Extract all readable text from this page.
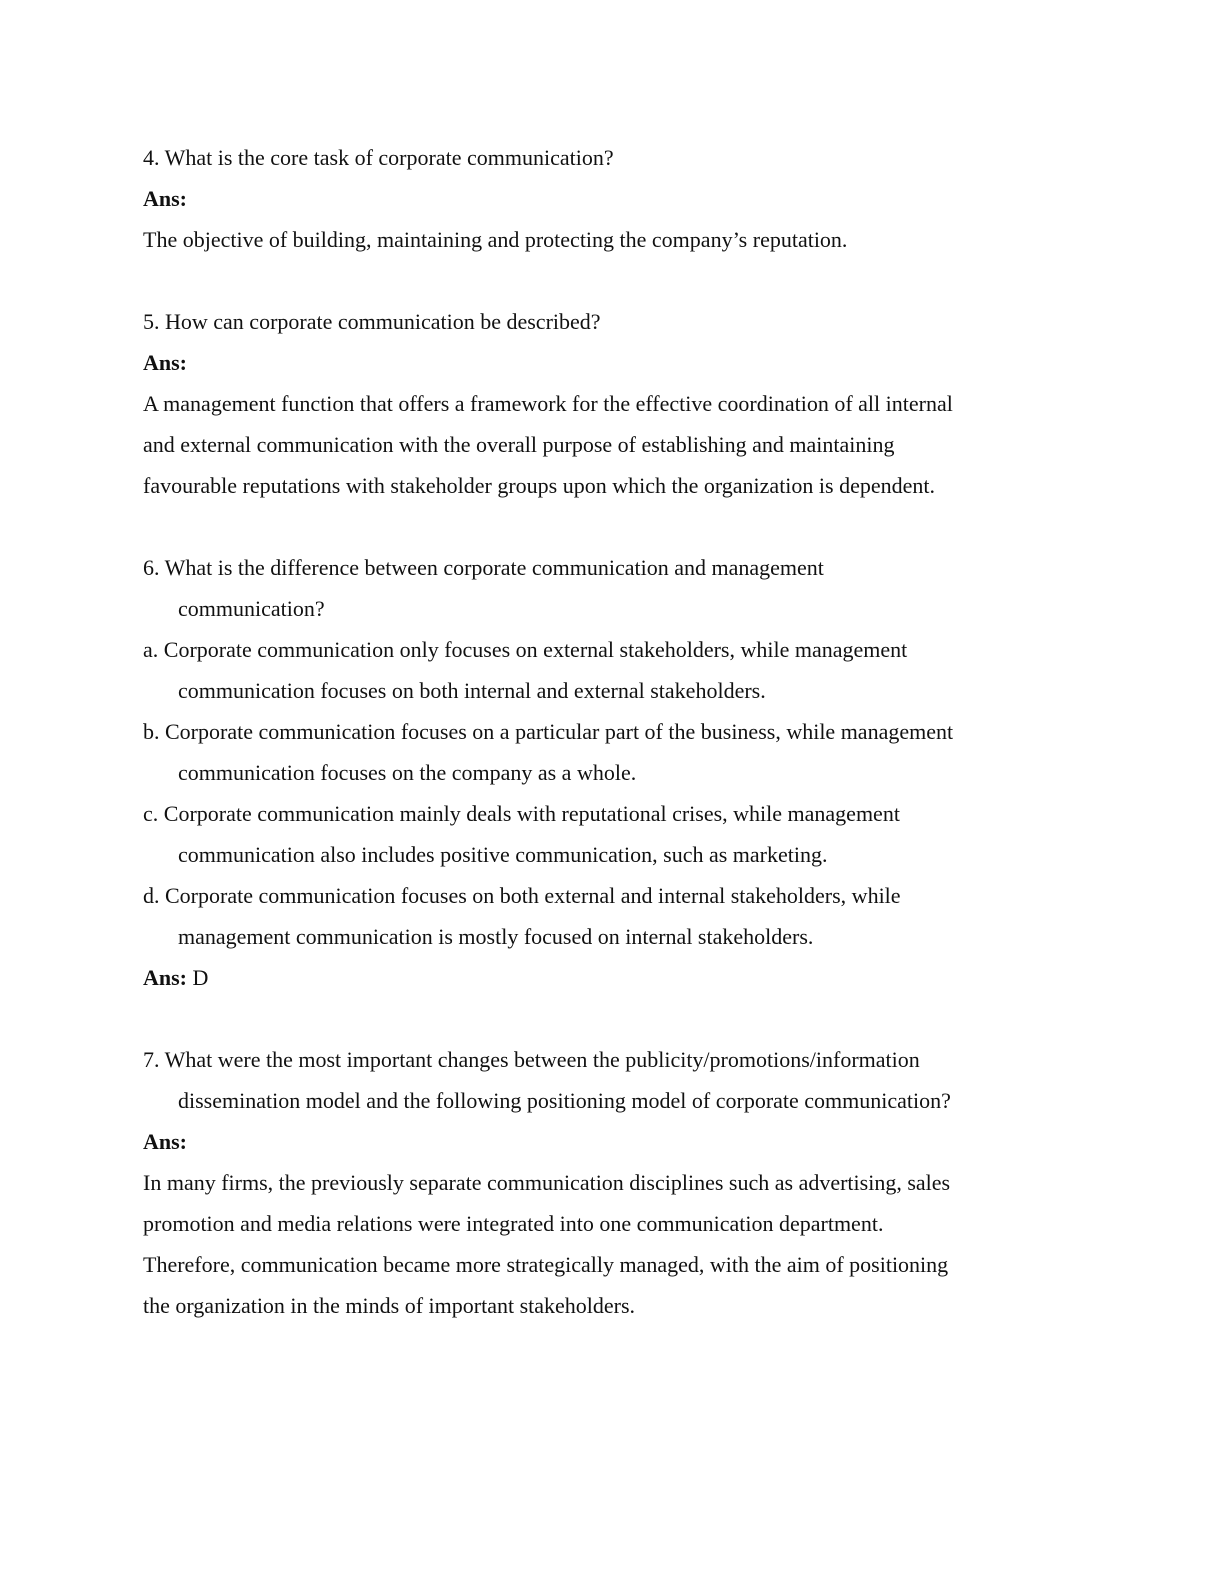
4. What is the core task of corporate communication?
Ans:
The objective of building, maintaining and protecting the company’s reputation.
5. How can corporate communication be described?
Ans:
A management function that offers a framework for the effective coordination of all internal
and external communication with the overall purpose of establishing and maintaining
favourable reputations with stakeholder groups upon which the organization is dependent.
6. What is the difference between corporate communication and management
communication?
a. Corporate communication only focuses on external stakeholders, while management
communication focuses on both internal and external stakeholders.
b. Corporate communication focuses on a particular part of the business, while management
communication focuses on the company as a whole.
c. Corporate communication mainly deals with reputational crises, while management
communication also includes positive communication, such as marketing.
d. Corporate communication focuses on both external and internal stakeholders, while
management communication is mostly focused on internal stakeholders.
Ans: D
7. What were the most important changes between the publicity/promotions/information
dissemination model and the following positioning model of corporate communication?
Ans:
In many firms, the previously separate communication disciplines such as advertising, sales
promotion and media relations were integrated into one communication department.
Therefore, communication became more strategically managed, with the aim of positioning
the organization in the minds of important stakeholders.
